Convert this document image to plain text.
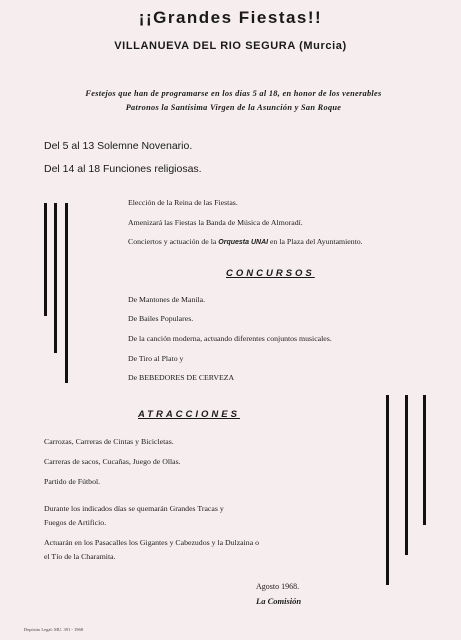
¡¡Grandes Fiestas!!
VILLANUEVA DEL RIO SEGURA (Murcia)
Festejos que han de programarse en los días 5 al 18, en honor de los venerables
Patronos la Santísima Virgen de la Asunción y San Roque
Del 5 al 13 Solemne Novenario.
Del 14 al 18 Funciones religiosas.
Elección de la Reina de las Fiestas.
Amenizará las Fiestas la Banda de Música de Almoradí.
Conciertos y actuación de la Orquesta UNAI en la Plaza del Ayuntamiento.
CONCURSOS
De Mantones de Manila.
De Bailes Populares.
De la canción moderna, actuando diferentes conjuntos musicales.
De Tiro al Plato y
De BEBEDORES DE CERVEZA
ATRACCIONES
Carrozas, Carreras de Cintas y Bicicletas.
Carreras de sacos, Cucañas, Juego de Ollas.
Partido de Fútbol.
Durante los indicados días se quemarán Grandes Tracas y
Fuegos de Artificio.
Actuarán en los Pasacalles los Gigantes y Cabezudos y la Dulzaina o
el Tío de la Charamita.
Agosto 1968.
La Comisión
Depósito Legal: MU. 391 - 1968
